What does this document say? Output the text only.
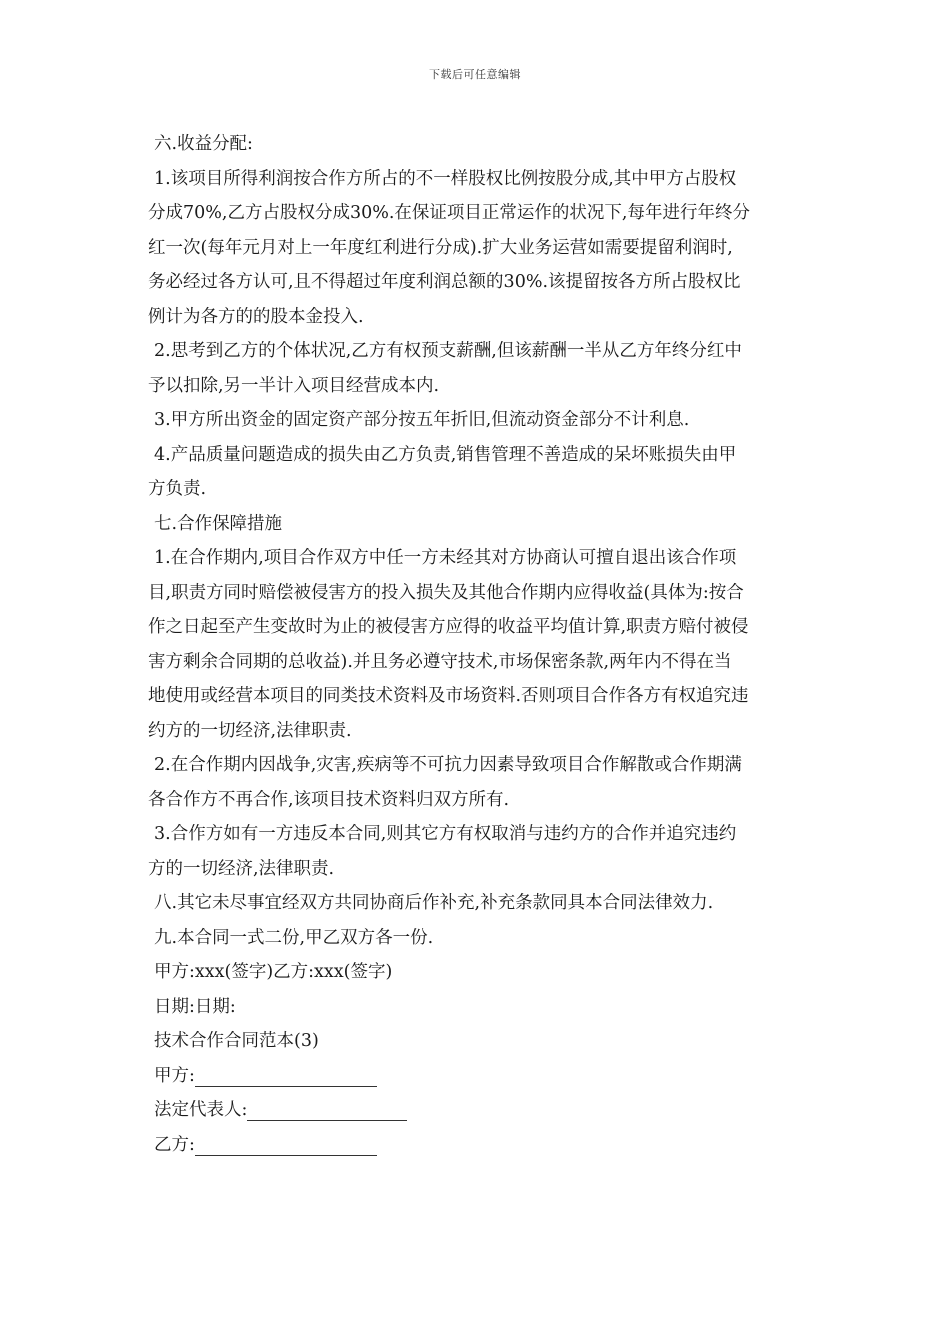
下载后可任意编辑
六.收益分配:
1.该项目所得利润按合作方所占的不一样股权比例按股分成,其中甲方占股权
分成70%,乙方占股权分成30%.在保证项目正常运作的状况下,每年进行年终分
红一次(每年元月对上一年度红利进行分成).扩大业务运营如需要提留利润时,
务必经过各方认可,且不得超过年度利润总额的30%.该提留按各方所占股权比
例计为各方的的股本金投入.
2.思考到乙方的个体状况,乙方有权预支薪酬,但该薪酬一半从乙方年终分红中
予以扣除,另一半计入项目经营成本内.
3.甲方所出资金的固定资产部分按五年折旧,但流动资金部分不计利息.
4.产品质量问题造成的损失由乙方负责,销售管理不善造成的呆坏账损失由甲
方负责.
七.合作保障措施
1.在合作期内,项目合作双方中任一方未经其对方协商认可擅自退出该合作项
目,职责方同时赔偿被侵害方的投入损失及其他合作期内应得收益(具体为:按合
作之日起至产生变故时为止的被侵害方应得的收益平均值计算,职责方赔付被侵
害方剩余合同期的总收益).并且务必遵守技术,市场保密条款,两年内不得在当
地使用或经营本项目的同类技术资料及市场资料.否则项目合作各方有权追究违
约方的一切经济,法律职责.
2.在合作期内因战争,灾害,疾病等不可抗力因素导致项目合作解散或合作期满
各合作方不再合作,该项目技术资料归双方所有.
3.合作方如有一方违反本合同,则其它方有权取消与违约方的合作并追究违约
方的一切经济,法律职责.
八.其它未尽事宜经双方共同协商后作补充,补充条款同具本合同法律效力.
九.本合同一式二份,甲乙双方各一份.
甲方:xxx(签字)乙方:xxx(签字)
日期:日期:
技术合作合同范本(3)
甲方:
法定代表人:
乙方:
